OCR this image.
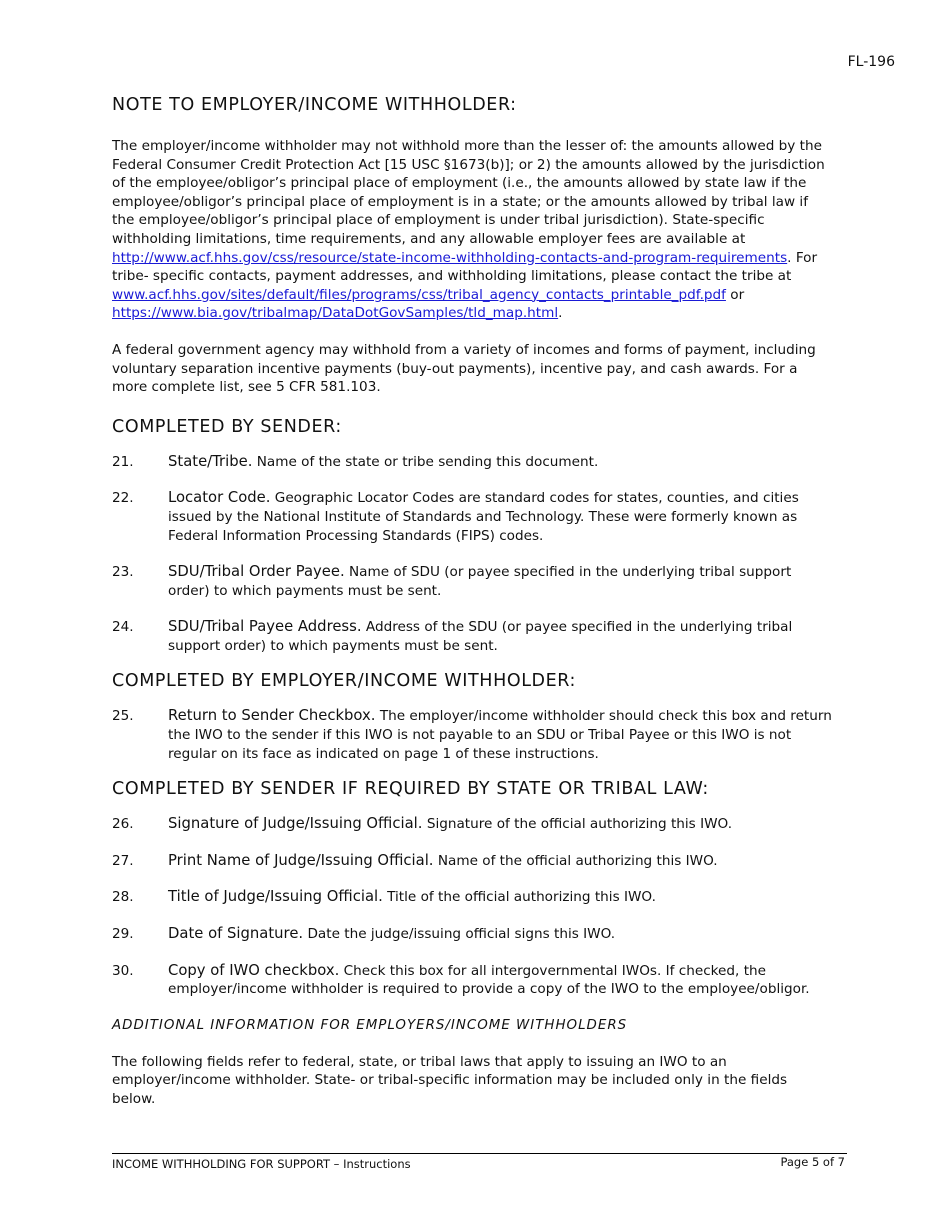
FL-196
NOTE TO EMPLOYER/INCOME WITHHOLDER:

The employer/income withholder may not withhold more than the lesser of: the amounts allowed by the Federal Consumer Credit Protection Act [15 USC §1673(b)]; or 2) the amounts allowed by the jurisdiction of the employee/obligor’s principal place of employment (i.e., the amounts allowed by state law if the employee/obligor’s principal place of employment is in a state; or the amounts allowed by tribal law if the employee/obligor’s principal place of employment is under tribal jurisdiction). State-specific withholding limitations, time requirements, and any allowable employer fees are available at http://www.acf.hhs.gov/css/resource/state-income-withholding-contacts-and-program-requirements. For tribe- specific contacts, payment addresses, and withholding limitations, please contact the tribe at www.acf.hhs.gov/sites/default/files/programs/css/tribal_agency_contacts_printable_pdf.pdf or https://www.bia.gov/tribalmap/DataDotGovSamples/tld_map.html.

A federal government agency may withhold from a variety of incomes and forms of payment, including voluntary separation incentive payments (buy-out payments), incentive pay, and cash awards. For a more complete list, see 5 CFR 581.103.

COMPLETED BY SENDER:
21.	State/Tribe. Name of the state or tribe sending this document.
22.	Locator Code. Geographic Locator Codes are standard codes for states, counties, and cities issued by the National Institute of Standards and Technology. These were formerly known as Federal Information Processing Standards (FIPS) codes.
23.	SDU/Tribal Order Payee. Name of SDU (or payee specified in the underlying tribal support order) to which payments must be sent.
24.	SDU/Tribal Payee Address. Address of the SDU (or payee specified in the underlying tribal support order) to which payments must be sent.
COMPLETED BY EMPLOYER/INCOME WITHHOLDER:
25.	Return to Sender Checkbox. The employer/income withholder should check this box and return the IWO to the sender if this IWO is not payable to an SDU or Tribal Payee or this IWO is not regular on its face as indicated on page 1 of these instructions.
COMPLETED BY SENDER IF REQUIRED BY STATE OR TRIBAL LAW:
26.	Signature of Judge/Issuing Official. Signature of the official authorizing this IWO.
27.	Print Name of Judge/Issuing Official. Name of the official authorizing this IWO.
28.	Title of Judge/Issuing Official. Title of the official authorizing this IWO.
29.	Date of Signature. Date the judge/issuing official signs this IWO.
30.	Copy of IWO checkbox. Check this box for all intergovernmental IWOs. If checked, the employer/income withholder is required to provide a copy of the IWO to the employee/obligor.
ADDITIONAL INFORMATION FOR EMPLOYERS/INCOME WITHHOLDERS

The following fields refer to federal, state, or tribal laws that apply to issuing an IWO to an employer/income withholder. State- or tribal-specific information may be included only in the fields below.

INCOME WITHHOLDING FOR SUPPORT – Instructions	Page 5 of 7
